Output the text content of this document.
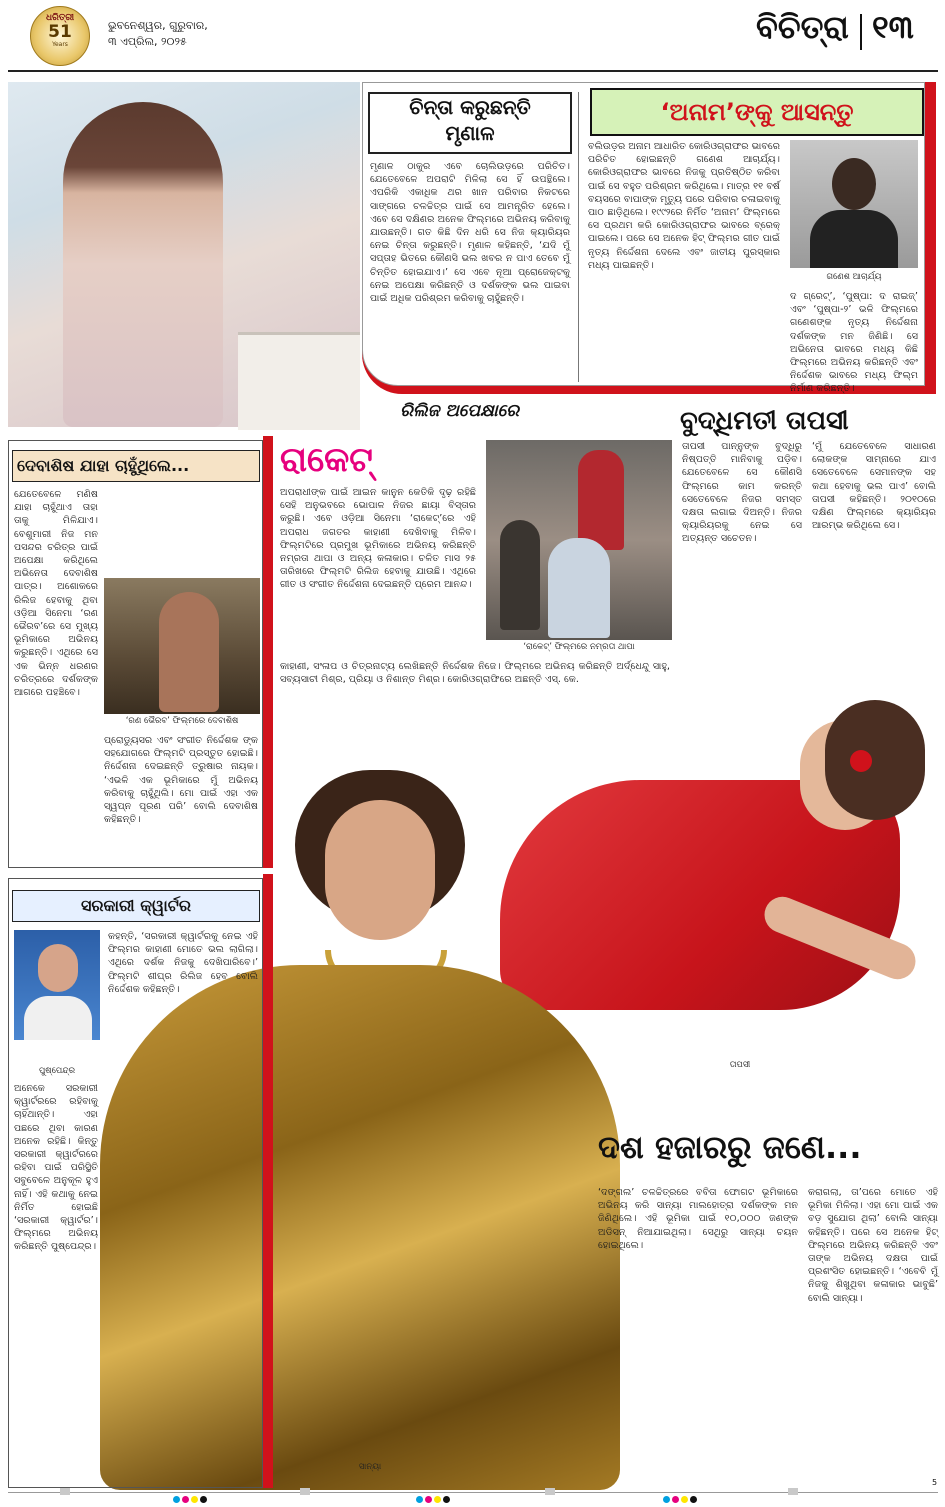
ଧରିତ୍ରୀ
51
Years
ଭୁବନେଶ୍ୱର, ଗୁରୁବାର,
୩ ଏପ୍ରିଲ, ୨୦୨୫	ବିଚିତ୍ରା ୧୩
ଚିନ୍ତା କରୁଛନ୍ତି
ମୃଣାଳ
ମୃଣାଳ ଠାକୁର ଏବେ ଚୋଲିଉଡ଼ରେ ପରିଚିତ। ଯେତେବେଳେ ଅପରାଟି ମିଳିଲା ସେ ହିଁ ଉପନ୍ଥିଲେ। ଏପରିକି ଏକାଧିକ ଥର ଖାନ ପରିବାର ନିକଟରେ ସାଙ୍ଗରେ ଚଳଚ୍ଚିତ୍ର ପାଇଁ ସେ ଆମନ୍ତ୍ରିତ ହେଲେ। ଏବେ ସେ ଦକ୍ଷିଣର ଅନେକ ଫିଲ୍ମରେ ଅଭିନୟ କରିବାକୁ ଯାଉଛନ୍ତି। ଗତ କିଛି ଦିନ ଧରି ସେ ନିଜ କ୍ୟାରିୟର ନେଇ ଚିନ୍ତା କରୁଛନ୍ତି। ମୃଣାଳ କହିଛନ୍ତି, ‘ଯଦି ମୁଁ ସପ୍ତାହ ଭିତରେ କୌଣସି ଭଲ ଖବର ନ ପାଏ ତେବେ ମୁଁ ଚିନ୍ତିତ ହୋଇଯାଏ।’ ସେ ଏବେ ନୂଆ ପ୍ରୋଜେକ୍ଟକୁ ନେଇ ଅପେକ୍ଷା କରିଛନ୍ତି ଓ ଦର୍ଶକଙ୍କ ଭଲ ପାଇବା ପାଇଁ ଅଧିକ ପରିଶ୍ରମ କରିବାକୁ ଚାହୁଁଛନ୍ତି।
‘ଅନାମ’ଙ୍କୁ ଆସନ୍ତୁ
ବଲିଉଡ଼ର ଅନାମ ଆଧାରିତ କୋରିଓଗ୍ରାଫର ଭାବରେ ପରିଚିତ ହୋଇଛନ୍ତି ଗଣେଶ ଆଚାର୍ଯ୍ୟ। କୋରିଓଗ୍ରାଫର ଭାବରେ ନିଜକୁ ପ୍ରତିଷ୍ଠିତ କରିବା ପାଇଁ ସେ ବହୁତ ପରିଶ୍ରମ କରିଥିଲେ। ମାତ୍ର ୧୧ ବର୍ଷ ବୟସରେ ବାପାଙ୍କ ମୃତ୍ୟୁ ପରେ ପରିବାର ଚଳାଇବାକୁ ପାଠ ଛାଡ଼ିଥିଲେ। ୧୯୯୨ରେ ନିର୍ମିତ ‘ଅନାମ’ ଫିଲ୍ମରେ ସେ ପ୍ରଥମ କରି କୋରିଓଗ୍ରାଫର ଭାବରେ ବ୍ରେକ୍ ପାଇଲେ। ପରେ ସେ ଅନେକ ହିଟ୍ ଫିଲ୍ମର ଗୀତ ପାଇଁ ନୃତ୍ୟ ନିର୍ଦ୍ଦେଶନା ଦେଲେ ଏବଂ ଜାତୀୟ ପୁରସ୍କାର ମଧ୍ୟ ପାଇଛନ୍ତି।
ଗଣେଶ ଆଚାର୍ଯ୍ୟ
ଦ ଗ୍ରେଟ୍’, ‘ପୁଷ୍ପା: ଦ ରାଇଜ୍’ ଏବଂ ‘ପୁଷ୍ପା-୨’ ଭଳି ଫିଲ୍ମରେ ଗଣେଶଙ୍କ ନୃତ୍ୟ ନିର୍ଦ୍ଦେଶନା ଦର୍ଶକଙ୍କ ମନ ଜିଣିଛି। ସେ ଅଭିନେତା ଭାବରେ ମଧ୍ୟ କିଛି ଫିଲ୍ମରେ ଅଭିନୟ କରିଛନ୍ତି ଏବଂ ନିର୍ଦ୍ଦେଶକ ଭାବରେ ମଧ୍ୟ ଫିଲ୍ମ ନିର୍ମାଣ କରିଛନ୍ତି।
ରିଲିଜ ଅପେକ୍ଷାରେ	ବୁଦ୍ଧିମତୀ ତାପସୀ
ଦେବାଶିଷ ଯାହା ଚାହୁଁଥିଲେ...
ଯେତେବେଳେ ମଣିଷ ଯାହା ଚାହୁଁଥାଏ ତାହା ତାକୁ ମିଳିଯାଏ। ବେଶୁମାରୀ ନିଜ ମନ ପସନ୍ଦର ଚରିତ୍ର ପାଇଁ ଅପେକ୍ଷା କରିଥିଲେ ଅଭିନେତା ଦେବାଶିଷ ପାତ୍ର। ଅଶୋକରେ ରିଲିଜ ହେବାକୁ ଥିବା ଓଡ଼ିଆ ସିନେମା ‘ରଣ ଭୈରବ’ରେ ସେ ମୁଖ୍ୟ ଭୂମିକାରେ ଅଭିନୟ କରୁଛନ୍ତି। ଏଥିରେ ସେ ଏକ ଭିନ୍ନ ଧରଣର ଚରିତ୍ରରେ ଦର୍ଶକଙ୍କ ଆଗରେ ପହଞ୍ଚିବେ।
‘ରଣ ଭୈରବ’ ଫିଲ୍ମରେ ଦେବାଶିଷ
ପ୍ରୋଡ୍ୟୁସର ଏବଂ ସଂଗୀତ ନିର୍ଦ୍ଦେଶକ ଙ୍କ ସହଯୋଗରେ ଫିଲ୍ମଟି ପ୍ରସ୍ତୁତ ହୋଇଛି। ନିର୍ଦ୍ଦେଶନା ଦେଇଛନ୍ତି ତ୍ରୁଷାର ନାୟକ। ‘ଏଭଳି ଏକ ଭୂମିକାରେ ମୁଁ ଅଭିନୟ କରିବାକୁ ଚାହୁଁଥିଲି। ମୋ ପାଇଁ ଏହା ଏକ ସ୍ୱପ୍ନ ପୂରଣ ପରି’ ବୋଲି ଦେବାଶିଷ କହିଛନ୍ତି।
ରାକେଟ୍
ଅପରାଧୀଙ୍କ ପାଇଁ ଆଇନ କାନୁନ କେତିକି ଦୃଢ଼ ରହିଛି ସେହି ଅନୁଭବରେ ଭୋପାଳ ନିଜର ଛାୟା ବିସ୍ତାର କରୁଛି। ଏବେ ଓଡ଼ିଆ ସିନେମା ‘ରାକେଟ୍’ରେ ଏହି ଅପରାଧ ଜଗତର କାହାଣୀ ଦେଖିବାକୁ ମିଳିବ। ଫିଲ୍ମଟିରେ ପ୍ରମୁଖ ଭୂମିକାରେ ଅଭିନୟ କରିଛନ୍ତି ନମ୍ରତା ଥାପା ଓ ଅନ୍ୟ କଳାକାର। ଚଳିତ ମାସ ୨୫ ତାରିଖରେ ଫିଲ୍ମଟି ରିଲିଜ ହେବାକୁ ଯାଉଛି। ଏଥିରେ ଗୀତ ଓ ସଂଗୀତ ନିର୍ଦ୍ଦେଶନା ଦେଇଛନ୍ତି ପ୍ରେମ ଆନନ୍ଦ।
କାହାଣୀ, ସଂଳାପ ଓ ଚିତ୍ରନାଟ୍ୟ ଲେଖିଛନ୍ତି ନିର୍ଦ୍ଦେଶକ ନିଜେ। ଫିଲ୍ମରେ ଅଭିନୟ କରିଛନ୍ତି ଅର୍ଦ୍ଧେନ୍ଦୁ ସାହୁ, ସବ୍ୟସାଚୀ ମିଶ୍ର, ପ୍ରିୟା ଓ ନିଶାନ୍ତ ମିଶ୍ର। କୋରିଓଗ୍ରାଫିରେ ଅଛନ୍ତି ଏସ୍. କେ.
‘ରାକେଟ୍’ ଫିଲ୍ମରେ ନମ୍ରତା ଥାପା
ତାପସୀ ପାନ୍ନୁଙ୍କ ବୁଦ୍ଧିରୁ ନିଷ୍ପତ୍ତି ମାନିବାକୁ ପଡ଼ିବ। ଯେତେବେଳେ ସେ କୌଣସି ଫିଲ୍ମରେ କାମ କରନ୍ତି ସେତେବେଳେ ନିଜର ସମସ୍ତ ଦକ୍ଷତା ଲଗାଇ ଦିଅନ୍ତି। ନିଜର କ୍ୟାରିୟରକୁ ନେଇ ସେ ଅତ୍ୟନ୍ତ ସଚେତନ।
‘ମୁଁ ଯେତେବେଳେ ସାଧାରଣ ଲୋକଙ୍କ ସାମ୍ନାରେ ଯାଏ ସେତେବେଳେ ସେମାନଙ୍କ ସହ କଥା ହେବାକୁ ଭଲ ପାଏ’ ବୋଲି ତାପସୀ କହିଛନ୍ତି। ୨୦୧୦ରେ ଦକ୍ଷିଣ ଫିଲ୍ମରେ କ୍ୟାରିୟର ଆରମ୍ଭ କରିଥିଲେ ସେ।
ତାପସୀ
ସାନ୍ୟା
ସରକାରୀ କ୍ୱାର୍ଟର
ପୁଷ୍ପେନ୍ଦ୍ର
ଅନେକେ ସରକାରୀ କ୍ୱାର୍ଟରରେ ରହିବାକୁ ଚାହିଁଥାନ୍ତି। ଏହା ପଛରେ ଥିବା କାରଣ ଅନେକ ରହିଛି। କିନ୍ତୁ ସରକାରୀ କ୍ୱାର୍ଟରରେ ରହିବା ପାଇଁ ପରିସ୍ଥିତି ସବୁବେଳେ ଅନୁକୂଳ ହୁଏ ନାହିଁ। ଏହି କଥାକୁ ନେଇ ନିର୍ମିତ ହୋଇଛି ‘ସରକାରୀ କ୍ୱାର୍ଟର’। ଫିଲ୍ମରେ ଅଭିନୟ କରିଛନ୍ତି ପୁଷ୍ପେନ୍ଦ୍ର।
କହନ୍ତି, ‘ସରକାରୀ କ୍ୱାର୍ଟରକୁ ନେଇ ଏହି ଫିଲ୍ମର କାହାଣୀ ମୋତେ ଭଲ ଲାଗିଲା। ଏଥିରେ ଦର୍ଶକ ନିଜକୁ ଦେଖିପାରିବେ।’ ଫିଲ୍ମଟି ଶୀଘ୍ର ରିଲିଜ ହେବ ବୋଲି ନିର୍ଦ୍ଦେଶକ କହିଛନ୍ତି।
ଦଶ ହଜାରରୁ ଜଣେ...
‘ଦଙ୍ଗଲ’ ଚଳଚ୍ଚିତ୍ରରେ ବବିତା ଫୋଗଟ ଭୂମିକାରେ ଅଭିନୟ କରି ସାନ୍ୟା ମାଲହୋତ୍ରା ଦର୍ଶକଙ୍କ ମନ ଜିଣିଥିଲେ। ଏହି ଭୂମିକା ପାଇଁ ୧୦,୦୦୦ ଜଣଙ୍କ ଅଡିସନ୍ ନିଆଯାଇଥିଲା। ସେଥିରୁ ସାନ୍ୟା ଚୟନ ହୋଇଥିଲେ।
କରାଗଲା, ତା’ପରେ ମୋତେ ଏହି ଭୂମିକା ମିଳିଲା। ଏହା ମୋ ପାଇଁ ଏକ ବଡ଼ ସୁଯୋଗ ଥିଲା’ ବୋଲି ସାନ୍ୟା କହିଛନ୍ତି। ପରେ ସେ ଅନେକ ହିଟ୍ ଫିଲ୍ମରେ ଅଭିନୟ କରିଛନ୍ତି ଏବଂ ତାଙ୍କ ଅଭିନୟ ଦକ୍ଷତା ପାଇଁ ପ୍ରଶଂସିତ ହୋଇଛନ୍ତି। ‘ଏବେବି ମୁଁ ନିଜକୁ ଶିଖୁଥିବା କଳାକାର ଭାବୁଛି’ ବୋଲି ସାନ୍ୟା।
5
